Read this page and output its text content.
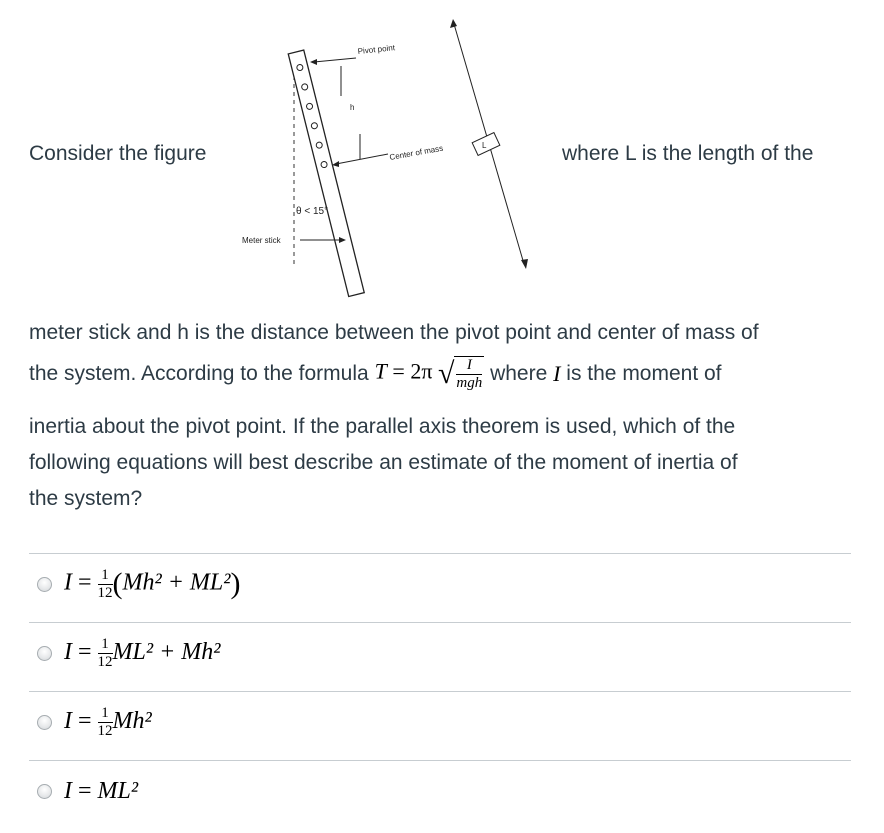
Consider the figure
Pivot point
h
Center of mass	L
θ < 15°
Meter stick
where L is the length of the
meter stick and h is the distance between the pivot point and center of mass of
the system. According to the formula T = 2π √ $\frac{I}{\text{mgh}}$ where I is the moment of
inertia about the pivot point. If the parallel axis theorem is used, which of the
following equations will best describe an estimate of the moment of inertia of
the system?
$I = \frac{1}{12} (Mh^2 + ML^2)$
$I = \frac{1}{12} ML^2 + Mh^2$
$I = \frac{1}{12} Mh^2$
I = ML²
